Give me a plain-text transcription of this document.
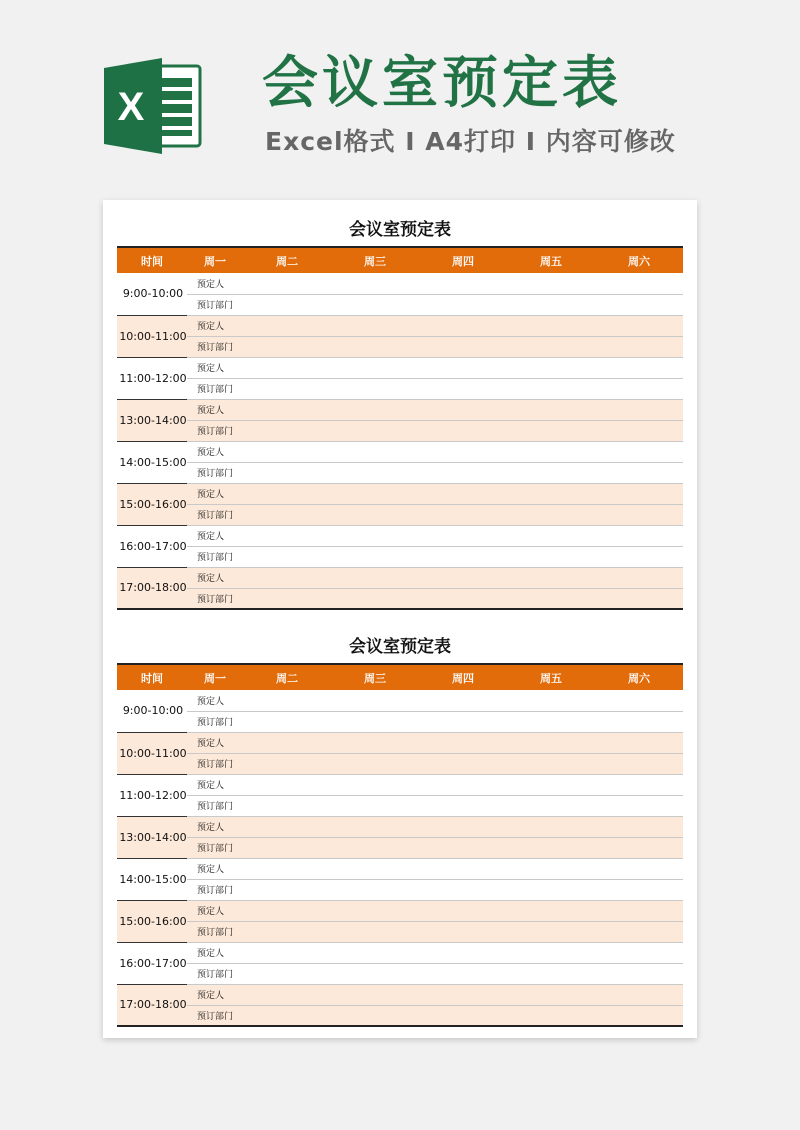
X 会议室预定表
Excel格式 I A4打印 I 内容可修改
会议室预定表
时间	周一	周二	周三	周四	周五	周六
9:00-10:00	预定人					
	预订部门					
10:00-11:00	预定人					
	预订部门					
11:00-12:00	预定人					
	预订部门					
13:00-14:00	预定人					
	预订部门					
14:00-15:00	预定人					
	预订部门					
15:00-16:00	预定人					
	预订部门					
16:00-17:00	预定人					
	预订部门					
17:00-18:00	预定人					
	预订部门					
会议室预定表
时间	周一	周二	周三	周四	周五	周六
9:00-10:00	预定人					
	预订部门					
10:00-11:00	预定人					
	预订部门					
11:00-12:00	预定人					
	预订部门					
13:00-14:00	预定人					
	预订部门					
14:00-15:00	预定人					
	预订部门					
15:00-16:00	预定人					
	预订部门					
16:00-17:00	预定人					
	预订部门					
17:00-18:00	预定人					
	预订部门					
